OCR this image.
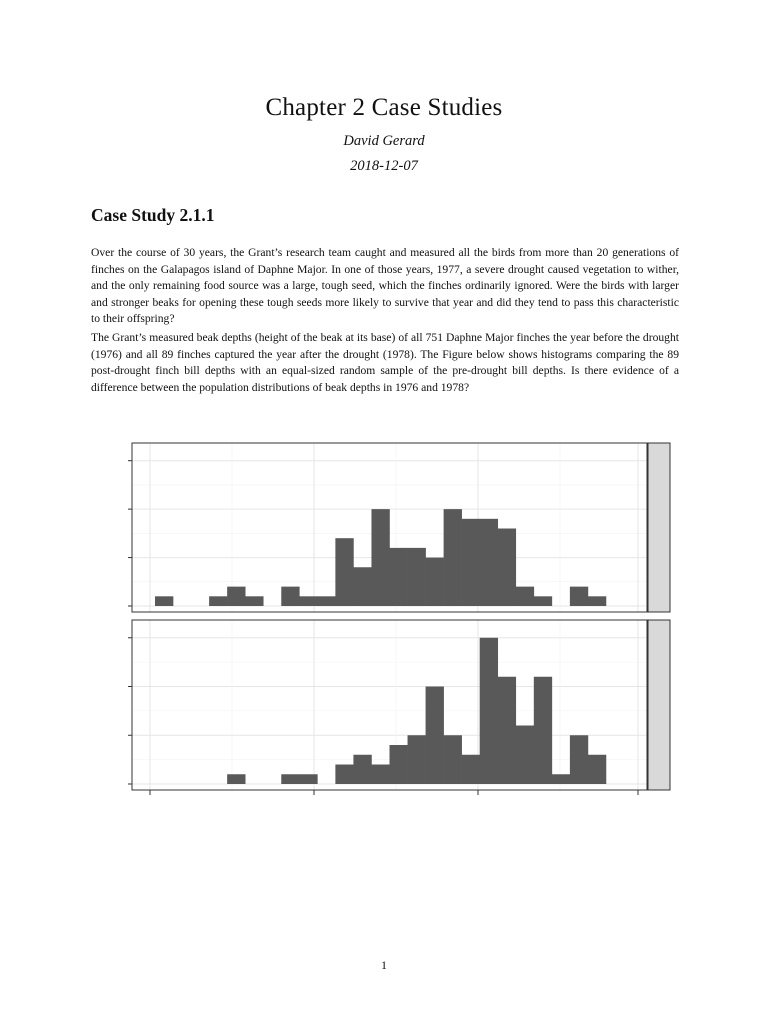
Chapter 2 Case Studies
David Gerard
2018-12-07
Case Study 2.1.1
Over the course of 30 years, the Grant’s research team caught and measured all the birds from more than 20 generations of finches on the Galapagos island of Daphne Major. In one of those years, 1977, a severe drought caused vegetation to wither, and the only remaining food source was a large, tough seed, which the finches ordinarily ignored. Were the birds with larger and stronger beaks for opening these tough seeds more likely to survive that year and did they tend to pass this characteristic to their offspring?
The Grant’s measured beak depths (height of the beak at its base) of all 751 Daphne Major finches the year before the drought (1976) and all 89 finches captured the year after the drought (1978). The Figure below shows histograms comparing the 89 post-drought finch bill depths with an equal-sized random sample of the pre-drought bill depths. Is there evidence of a difference between the population distributions of beak depths in 1976 and 1978?
1
